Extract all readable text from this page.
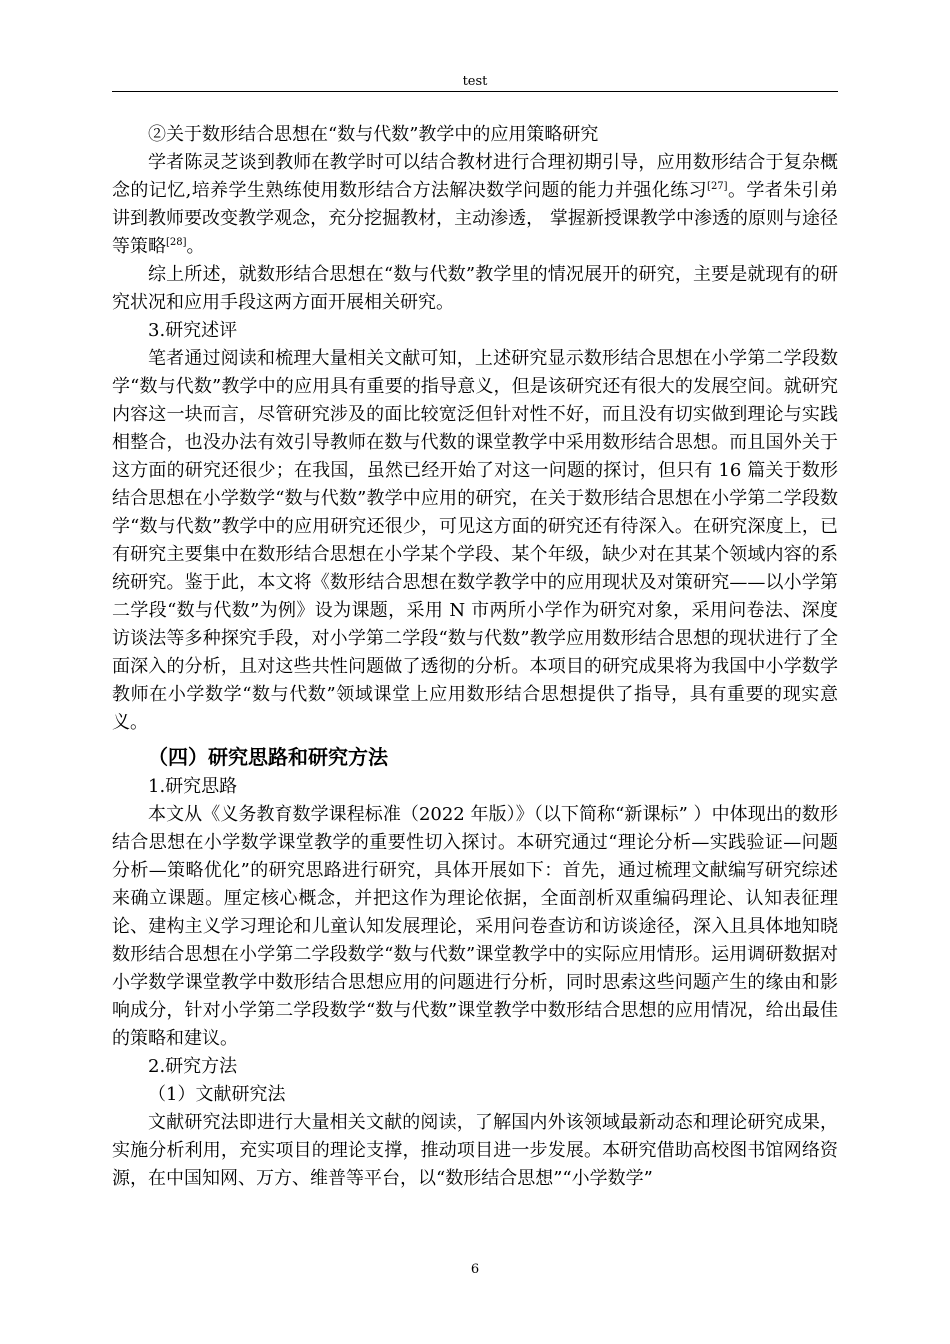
test

②关于数形结合思想在“数与代数”教学中的应用策略研究

学者陈灵芝谈到教师在教学时可以结合教材进行合理初期引导，应用数形结合于复杂概念的记忆,培养学生熟练使用数形结合方法解决数学问题的能力并强化练习[27]。学者朱引弟讲到教师要改变教学观念，充分挖掘教材，主动渗透， 掌握新授课教学中渗透的原则与途径等策略[28]。

综上所述，就数形结合思想在“数与代数”教学里的情况展开的研究，主要是就现有的研究状况和应用手段这两方面开展相关研究。

3.研究述评

笔者通过阅读和梳理大量相关文献可知，上述研究显示数形结合思想在小学第二学段数学“数与代数”教学中的应用具有重要的指导意义，但是该研究还有很大的发展空间。就研究内容这一块而言，尽管研究涉及的面比较宽泛但针对性不好，而且没有切实做到理论与实践相整合，也没办法有效引导教师在数与代数的课堂教学中采用数形结合思想。而且国外关于这方面的研究还很少；在我国，虽然已经开始了对这一问题的探讨，但只有 16 篇关于数形结合思想在小学数学“数与代数”教学中应用的研究，在关于数形结合思想在小学第二学段数学“数与代数”教学中的应用研究还很少，可见这方面的研究还有待深入。在研究深度上，已有研究主要集中在数形结合思想在小学某个学段、某个年级，缺少对在其某个领域内容的系统研究。鉴于此，本文将《数形结合思想在数学教学中的应用现状及对策研究——以小学第二学段“数与代数”为例》设为课题，采用 N 市两所小学作为研究对象，采用问卷法、深度访谈法等多种探究手段，对小学第二学段“数与代数”教学应用数形结合思想的现状进行了全面深入的分析，且对这些共性问题做了透彻的分析。本项目的研究成果将为我国中小学数学教师在小学数学“数与代数”领域课堂上应用数形结合思想提供了指导，具有重要的现实意义。

（四）研究思路和研究方法

1.研究思路

本文从《义务教育数学课程标准（2022 年版）》（以下简称“新课标” ）中体现出的数形结合思想在小学数学课堂教学的重要性切入探讨。本研究通过“理论分析—实践验证—问题分析—策略优化”的研究思路进行研究，具体开展如下：首先，通过梳理文献编写研究综述来确立课题。厘定核心概念，并把这作为理论依据，全面剖析双重编码理论、认知表征理论、建构主义学习理论和儿童认知发展理论，采用问卷查访和访谈途径，深入且具体地知晓数形结合思想在小学第二学段数学“数与代数”课堂教学中的实际应用情形。运用调研数据对小学数学课堂教学中数形结合思想应用的问题进行分析，同时思索这些问题产生的缘由和影响成分，针对小学第二学段数学“数与代数”课堂教学中数形结合思想的应用情况，给出最佳的策略和建议。

2.研究方法

（1）文献研究法

文献研究法即进行大量相关文献的阅读，了解国内外该领域最新动态和理论研究成果，实施分析利用，充实项目的理论支撑，推动项目进一步发展。本研究借助高校图书馆网络资源，在中国知网、万方、维普等平台，以“数形结合思想”“小学数学”

6
